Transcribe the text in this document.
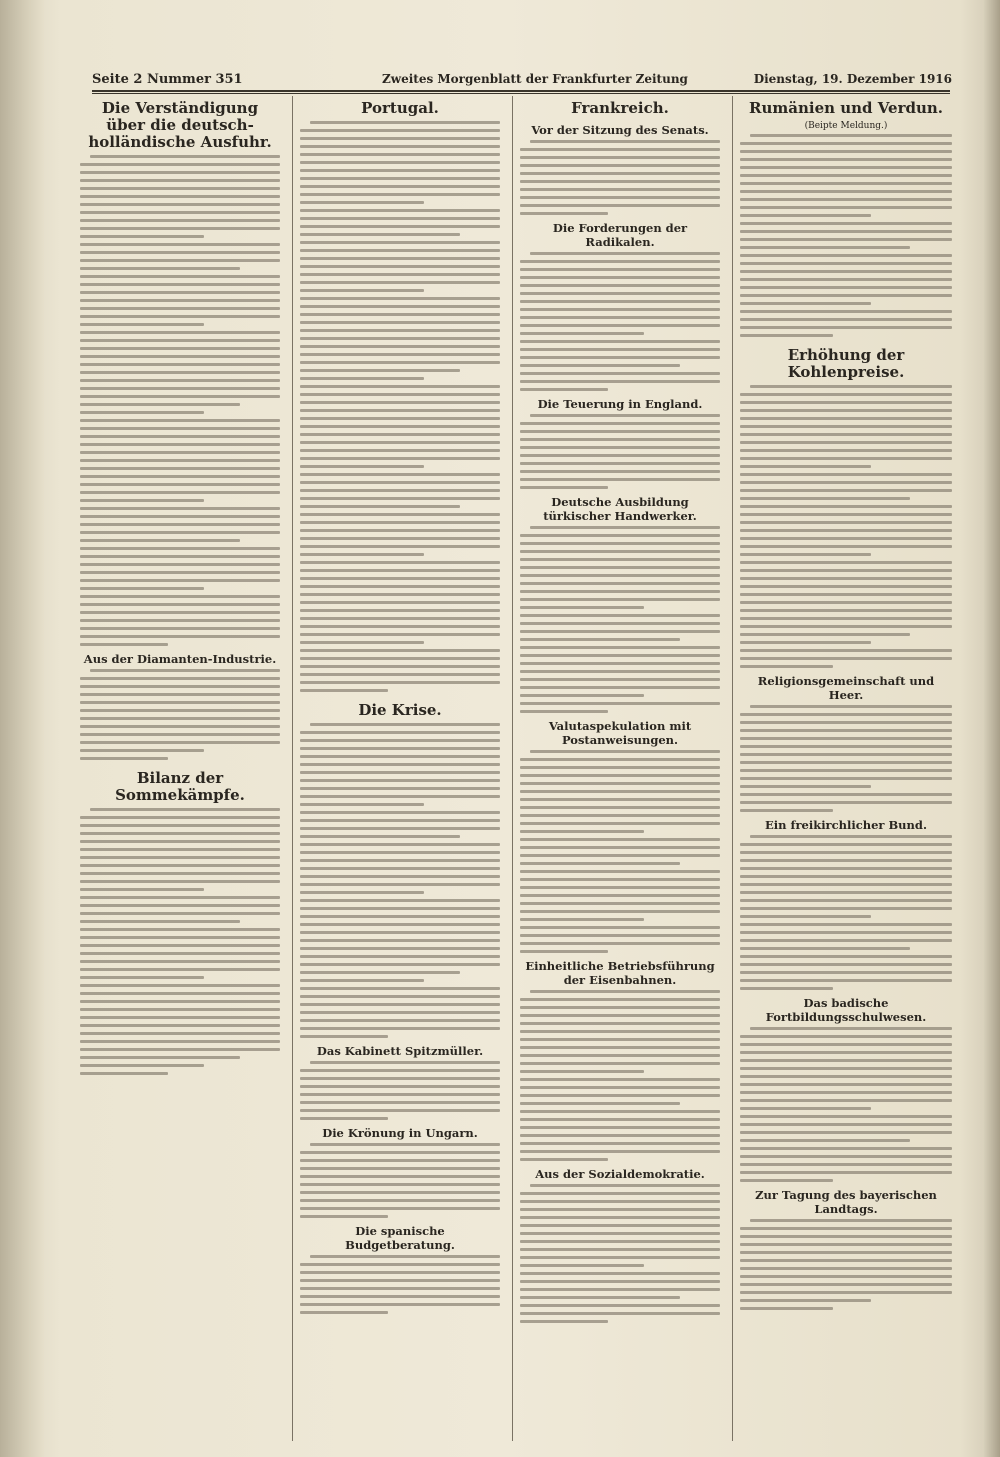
Seite 2 Nummer 351	Zweites Morgenblatt der Frankfurter Zeitung	Dienstag, 19. Dezember 1916
Die Verständigung über die deutsch-holländische Ausfuhr.
Aus der Diamanten-Industrie.
Bilanz der Sommekämpfe.
Portugal.
Die Krise.
Das Kabinett Spitzmüller.
Die Krönung in Ungarn.
Die spanische Budgetberatung.
Frankreich.
Vor der Sitzung des Senats.
Die Forderungen der Radikalen.
Die Teuerung in England.
Deutsche Ausbildung türkischer Handwerker.
Valutaspekulation mit Postanweisungen.
Einheitliche Betriebsführung der Eisenbahnen.
Aus der Sozialdemokratie.
Rumänien und Verdun.
(Beipte Meldung.)
Erhöhung der Kohlenpreise.
Religionsgemeinschaft und Heer.
Ein freikirchlicher Bund.
Das badische Fortbildungsschulwesen.
Zur Tagung des bayerischen Landtags.
